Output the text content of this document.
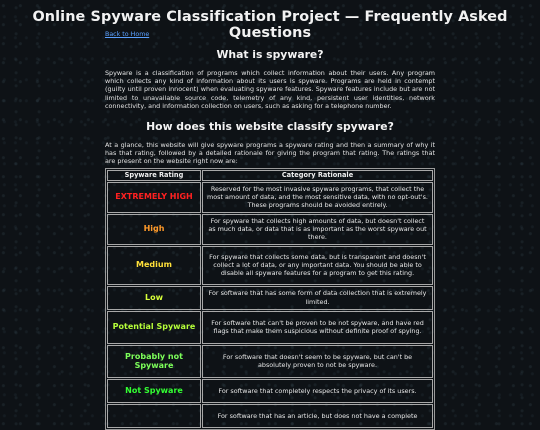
Online Spyware Classification Project — Frequently Asked Questions
Back to Home
What is spyware?

Spyware is a classification of programs which collect information about their users. Any program which collects any kind of information about its users is spyware. Programs are held in contempt (guilty until proven innocent) when evaluating spyware features. Spyware features include but are not limited to unavailable source code, telemetry of any kind, persistent user identities, network connectivity, and information collection on users, such as asking for a telephone number.

How does this website classify spyware?

At a glance, this website will give spyware programs a spyware rating and then a summary of why it has that rating, followed by a detailed rationale for giving the program that rating. The ratings that are present on the website right now are:

Spyware Rating	Category Rationale
EXTREMELY HIGH	Reserved for the most invasive spyware programs, that collect the most amount of data, and the most sensitive data, with no opt-out's. These programs should be avoided entirely.
High	For spyware that collects high amounts of data, but doesn't collect as much data, or data that is as important as the worst spyware out there.
Medium	For spyware that collects some data, but is transparent and doesn't collect a lot of data, or any important data. You should be able to disable all spyware features for a program to get this rating.
Low	For software that has some form of data collection that is extremely limited.
Potential Spyware	For software that can't be proven to be not spyware, and have red flags that make them suspicious without definite proof of spying.
Probably not Spyware	For software that doesn't seem to be spyware, but can't be absolutely proven to not be spyware.
Not Spyware	For software that completely respects the privacy of its users.
	For software that has an article, but does not have a complete
